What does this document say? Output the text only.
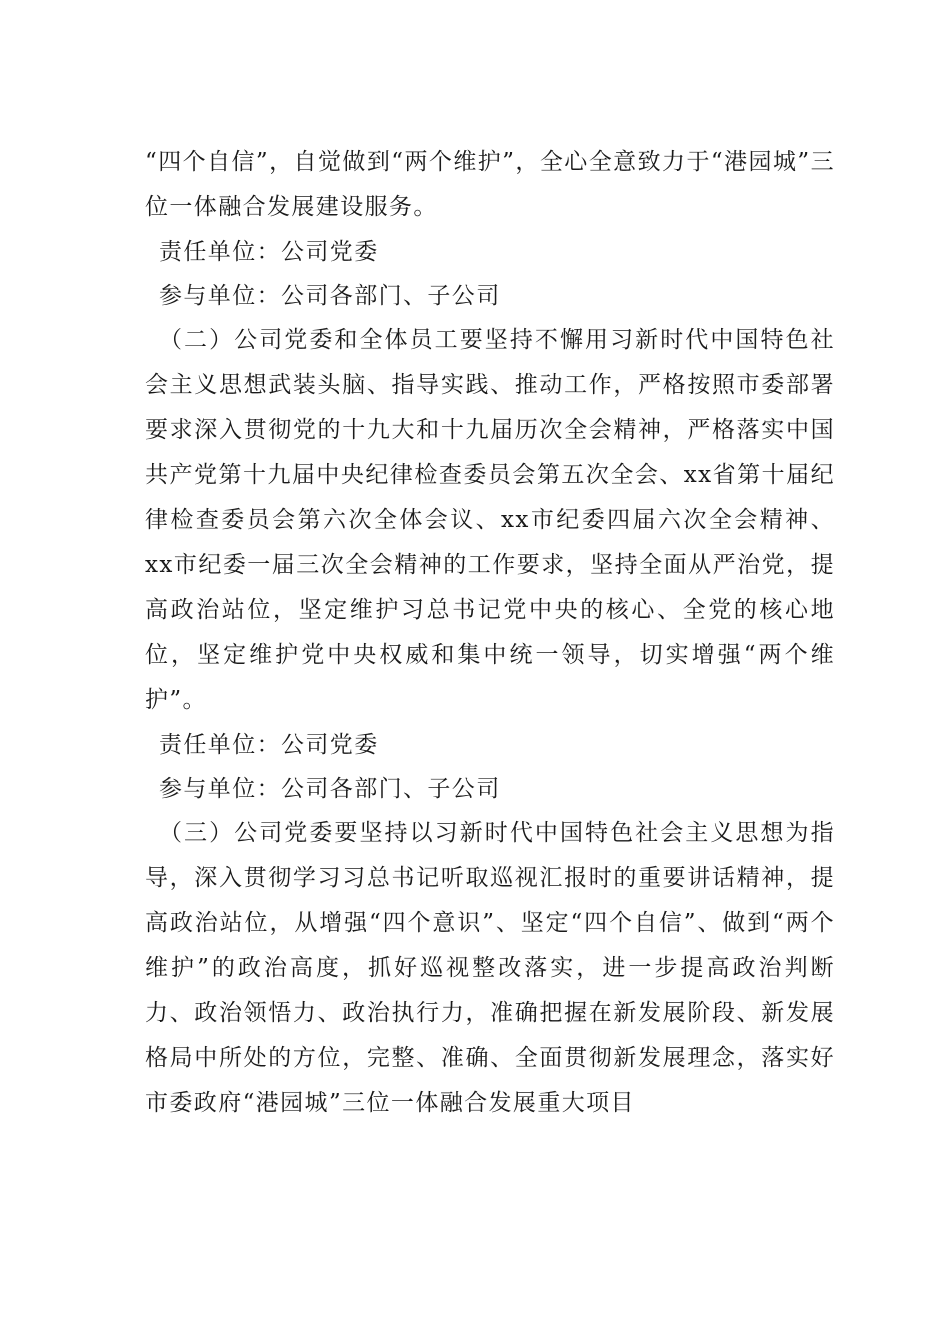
“四个自信”，自觉做到“两个维护”，全心全意致力于“港园城”三位一体融合发展建设服务。

责任单位：公司党委

参与单位：公司各部门、子公司

（二）公司党委和全体员工要坚持不懈用习新时代中国特色社会主义思想武装头脑、指导实践、推动工作，严格按照市委部署要求深入贯彻党的十九大和十九届历次全会精神，严格落实中国共产党第十九届中央纪律检查委员会第五次全会、xx省第十届纪律检查委员会第六次全体会议、xx市纪委四届六次全会精神、xx市纪委一届三次全会精神的工作要求，坚持全面从严治党，提高政治站位，坚定维护习总书记党中央的核心、全党的核心地位，坚定维护党中央权威和集中统一领导，切实增强“两个维护”。

责任单位：公司党委

参与单位：公司各部门、子公司

（三）公司党委要坚持以习新时代中国特色社会主义思想为指导，深入贯彻学习习总书记听取巡视汇报时的重要讲话精神，提高政治站位，从增强“四个意识”、坚定“四个自信”、做到“两个维护”的政治高度，抓好巡视整改落实，进一步提高政治判断力、政治领悟力、政治执行力，准确把握在新发展阶段、新发展格局中所处的方位，完整、准确、全面贯彻新发展理念，落实好市委政府“港园城”三位一体融合发展重大项目
